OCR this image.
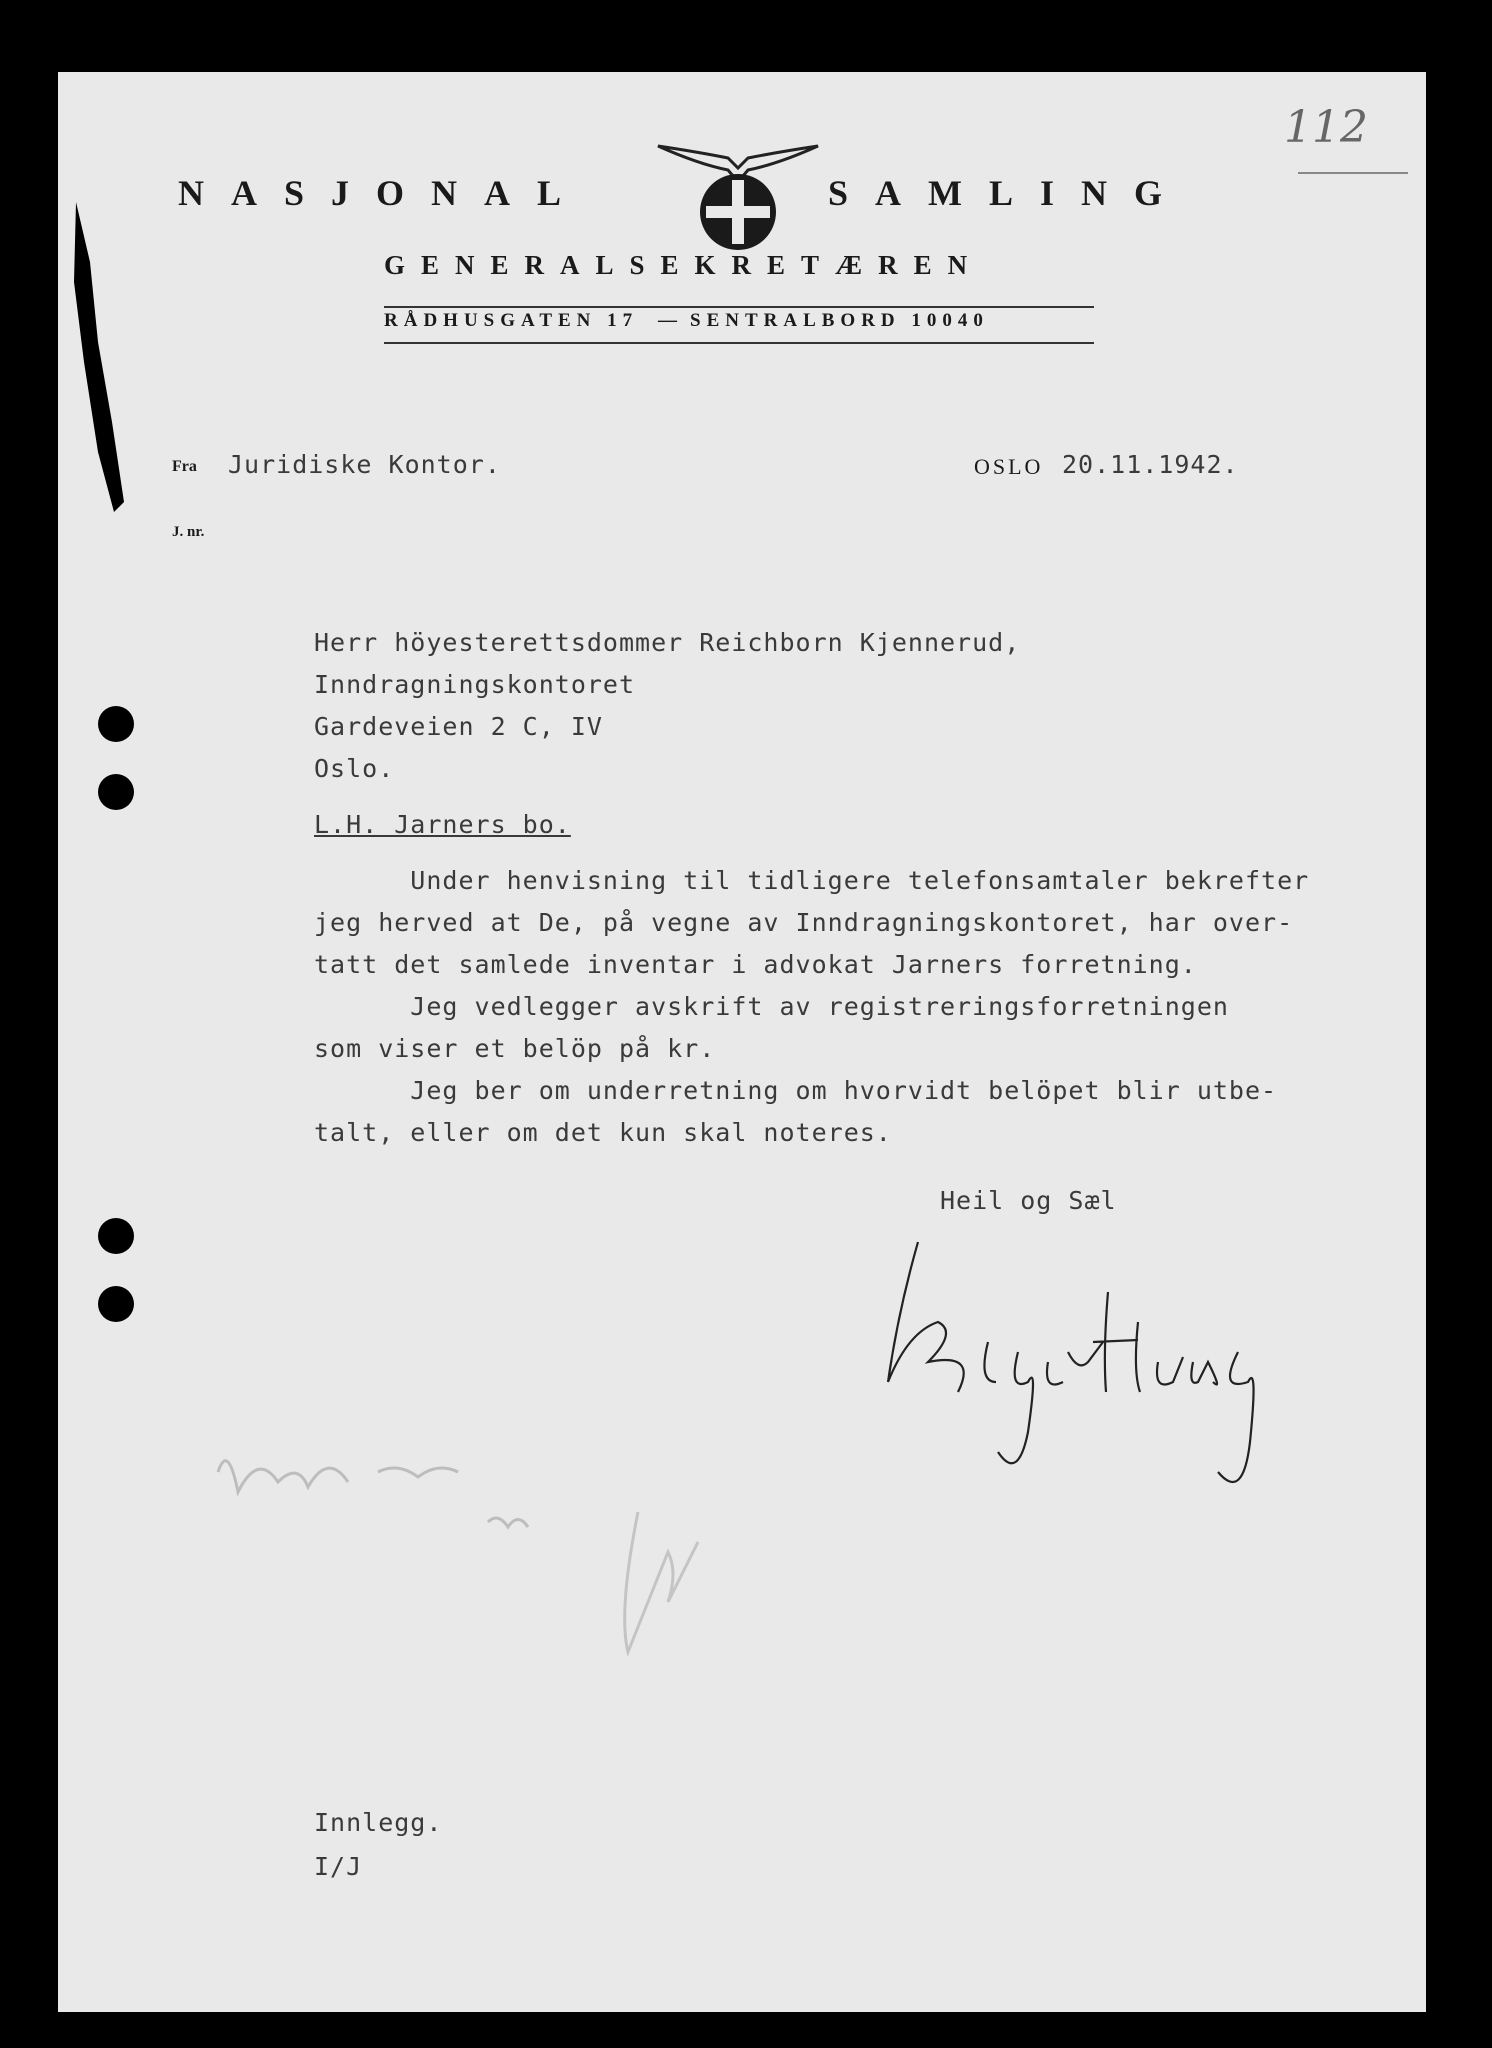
112
NASJONAL	SAMLING
GENERALSEKRETÆREN
RÅDHUSGATEN 17 — SENTRALBORD 10040
Fra Juridiske Kontor.	OSLO 20.11.1942.
J. nr.
Herr höyesterettsdommer Reichborn Kjennerud,
Inndragningskontoret
Gardeveien 2 C, IV
Oslo.
L.H. Jarners bo.
Under henvisning til tidligere telefonsamtaler bekrefter
jeg herved at De, på vegne av Inndragningskontoret, har over-
tatt det samlede inventar i advokat Jarners forretning.
Jeg vedlegger avskrift av registreringsforretningen
som viser et belöp på kr.
Jeg ber om underretning om hvorvidt belöpet blir utbe-
talt, eller om det kun skal noteres.
Heil og Sæl
Innlegg.
I/J
